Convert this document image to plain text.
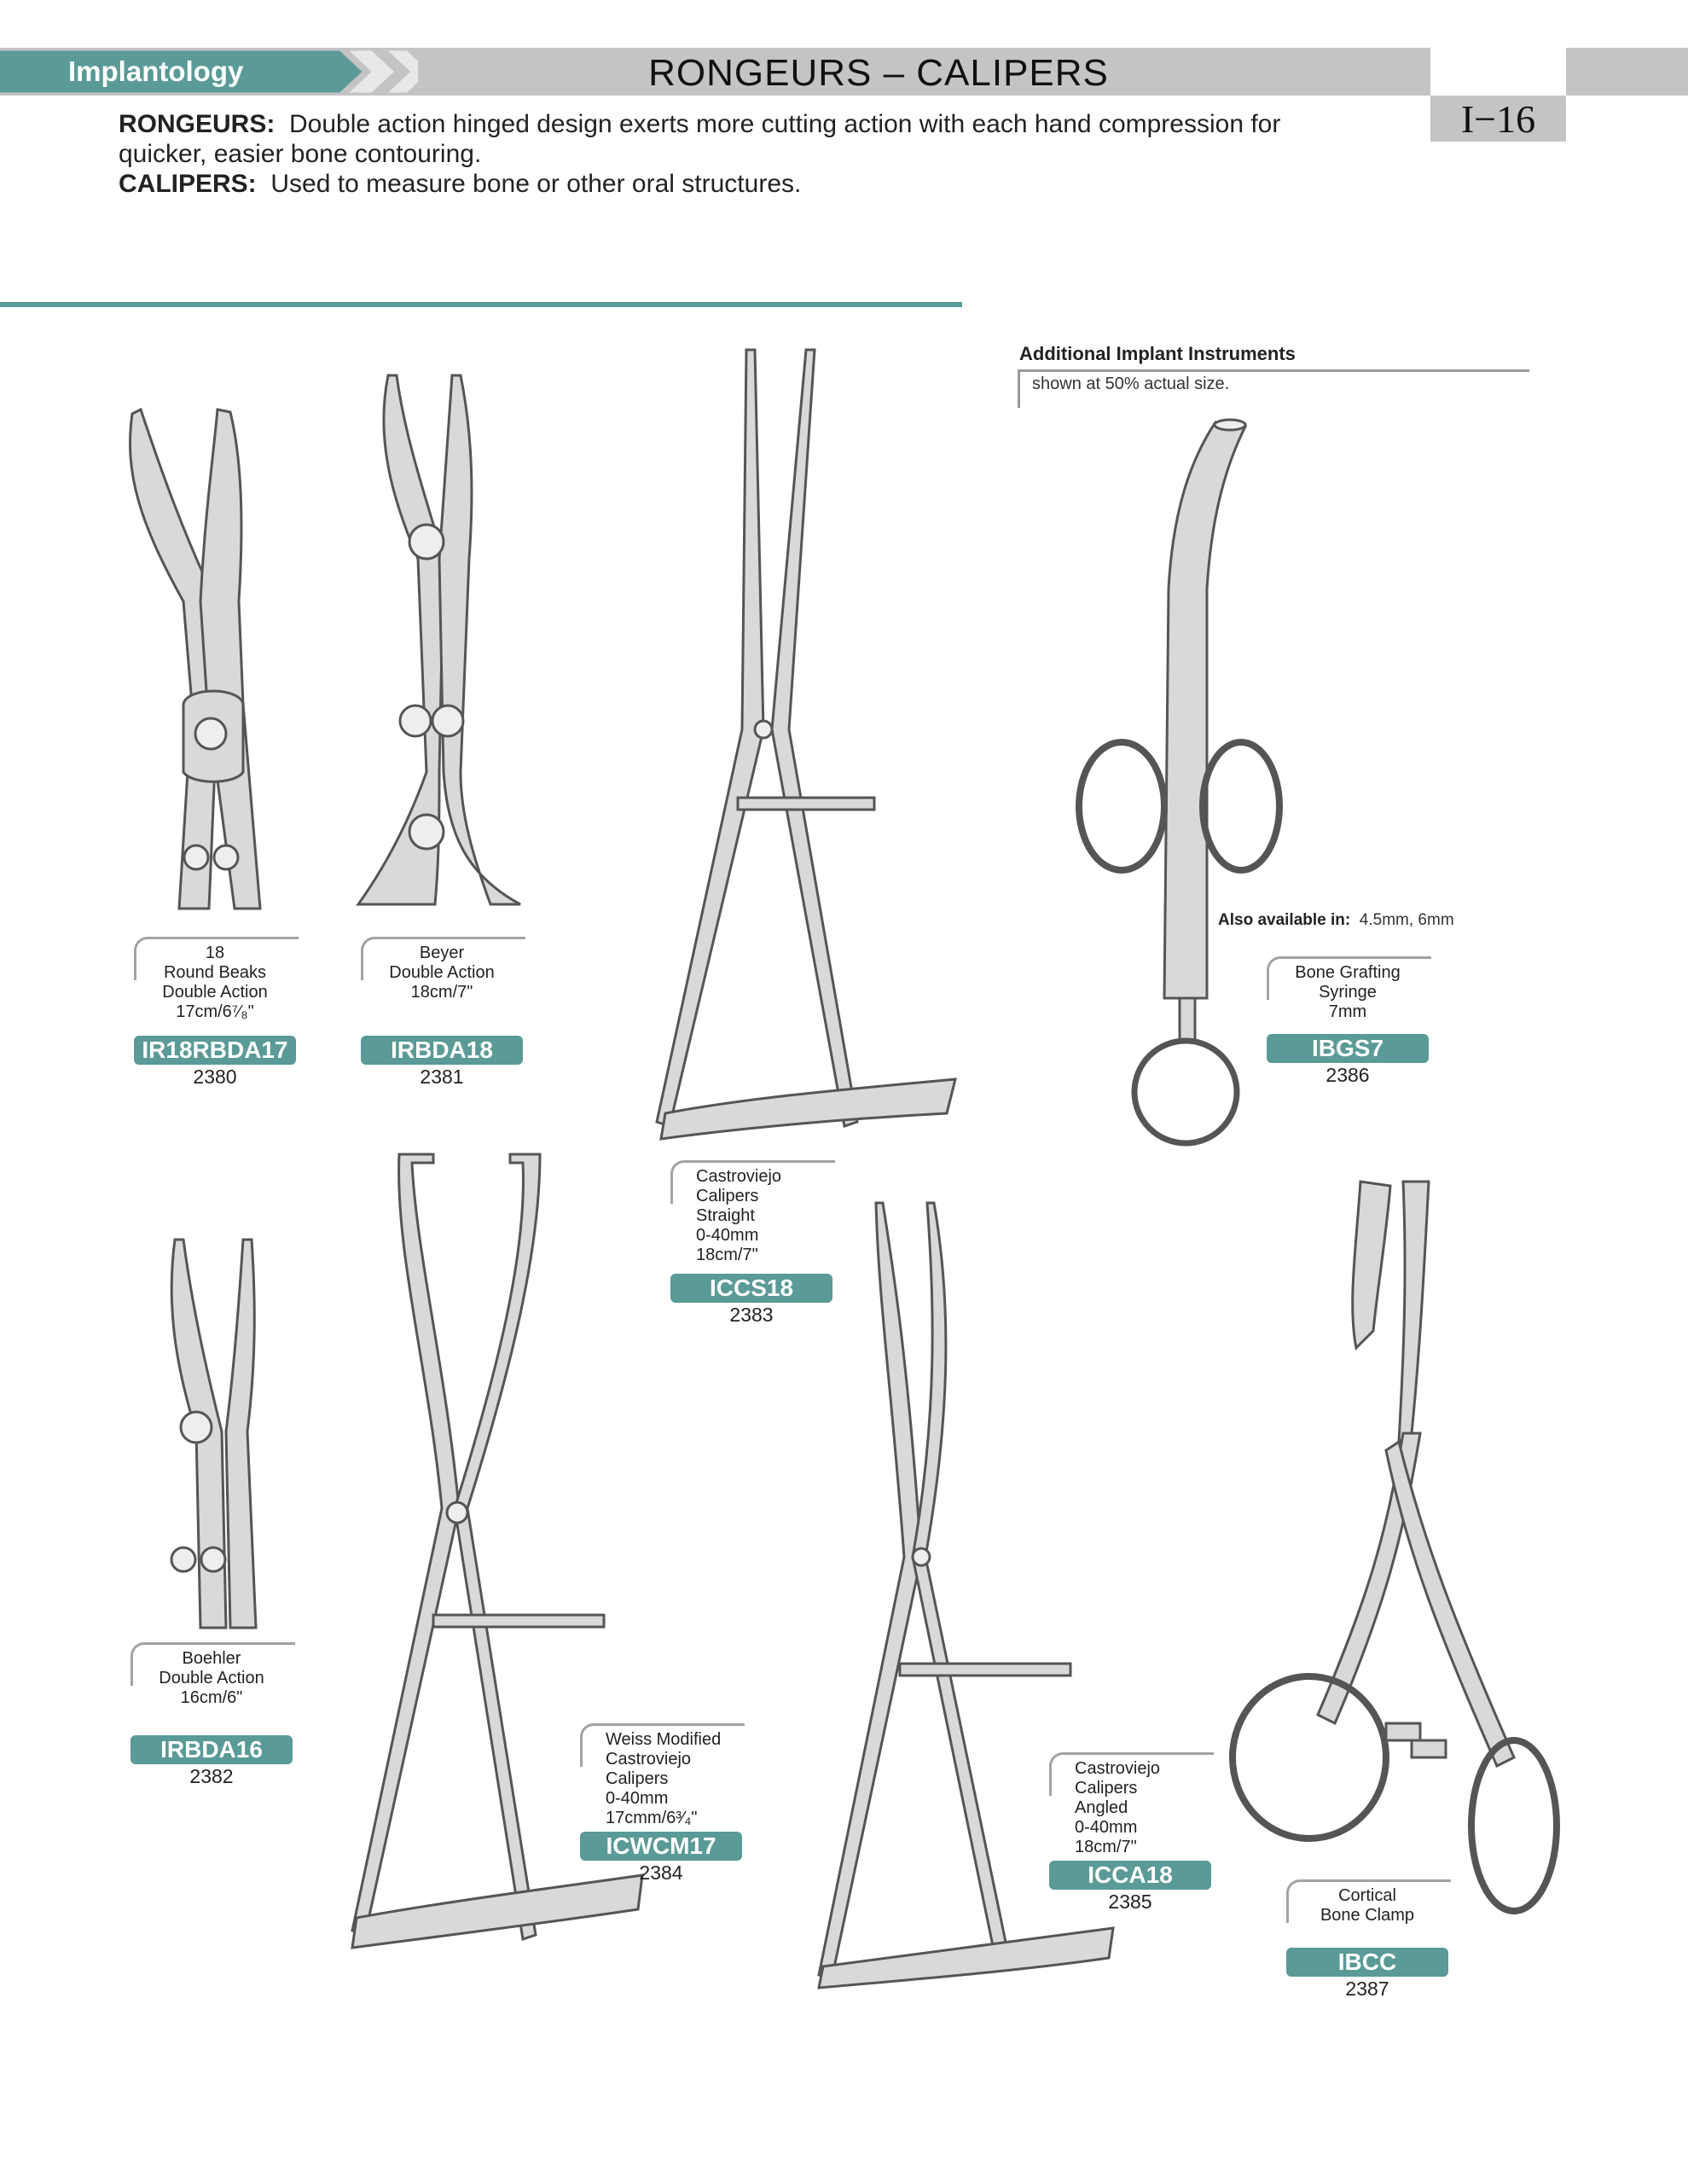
Implantology	RONGEURS – CALIPERS
I−16
RONGEURS: Double action hinged design exerts more cutting action with each hand compression for
quicker, easier bone contouring.
CALIPERS: Used to measure bone or other oral structures.
Additional Implant Instruments
shown at 50% actual size.
Also available in: 4.5mm, 6mm
18
Round Beaks
Double Action
17cm/6⁷⁄₈"
IR18RBDA17
2380
Beyer
Double Action
18cm/7"
IRBDA18
2381
Boehler
Double Action
16cm/6"
IRBDA16
2382
Castroviejo
Calipers
Straight
0-40mm
18cm/7"
ICCS18
2383
Weiss Modified
Castroviejo
Calipers
0-40mm
17cmm/6³⁄₄"
ICWCM17
2384
Castroviejo
Calipers
Angled
0-40mm
18cm/7"
ICCA18
2385
Bone Grafting
Syringe
7mm
IBGS7
2386
Cortical
Bone Clamp
IBCC
2387
